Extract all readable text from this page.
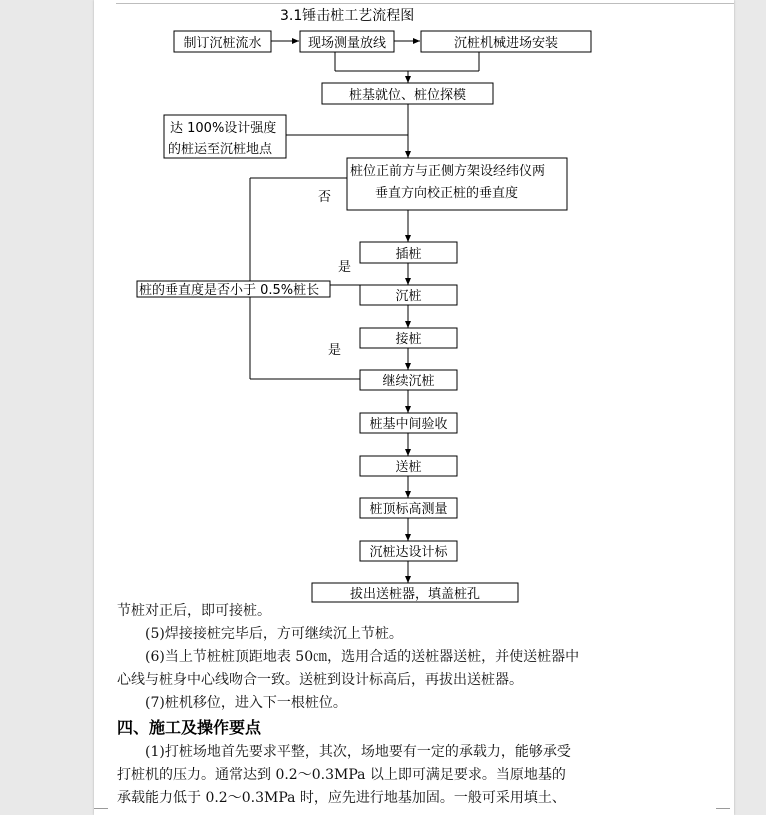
3.1锤击桩工艺流程图
制订沉桩流水	现场测量放线	沉桩机械进场安装
桩基就位、桩位探模
达 100%设计强度
的桩运至沉桩地点
桩位正前方与正侧方架设经纬仪两
垂直方向校正桩的垂直度
否
插桩
是
桩的垂直度是否小于 0.5%桩长	沉桩
接桩
是
继续沉桩
桩基中间验收
送桩
桩顶标高测量
沉桩达设计标
拔出送桩器，填盖桩孔

节桩对正后，即可接桩。

(5)焊接接桩完毕后，方可继续沉上节桩。

(6)当上节桩桩顶距地表 50㎝，选用合适的送桩器送桩，并使送桩器中

心线与桩身中心线吻合一致。送桩到设计标高后，再拔出送桩器。

(7)桩机移位，进入下一根桩位。

四、施工及操作要点

(1)打桩场地首先要求平整，其次，场地要有一定的承载力，能够承受

打桩机的压力。通常达到 0.2～0.3MPa 以上即可满足要求。当原地基的

承载能力低于 0.2～0.3MPa 时，应先进行地基加固。一般可采用填土、
